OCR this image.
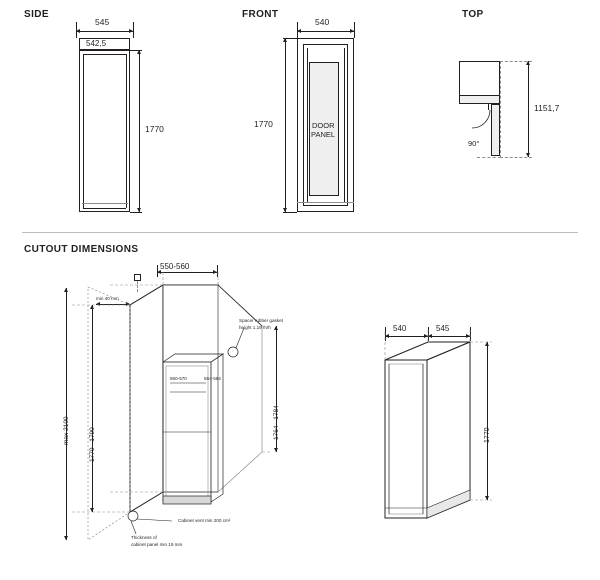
SIDE	FRONT	TOP
545
542,5
1770
540
DOOR
PANEL
1770
90°
1151,7
CUTOUT DIMENSIONS
550-560
min 40 mm
max 2100	1770 - 1790
1764 - 1784
560-570	564-584
Spacer rubber gasket
height 1,19 mm
Cabinet vent min 200 cm²
Thickness of
cabinet panel min 19 mm
540	545
1770
